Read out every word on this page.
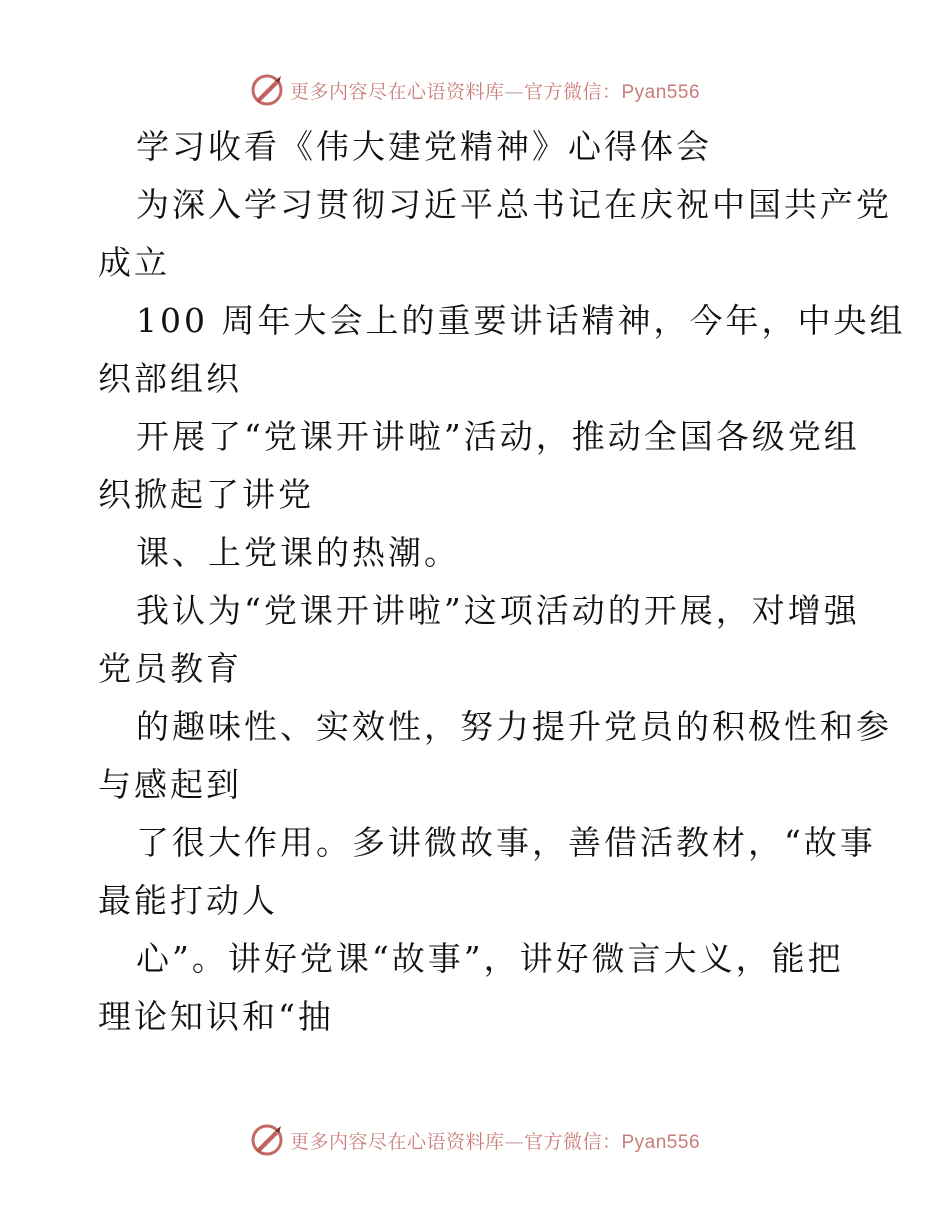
更多内容尽在心语资料库—官方微信：Pyan556
学习收看《伟大建党精神》心得体会
为深入学习贯彻习近平总书记在庆祝中国共产党
成立
100 周年大会上的重要讲话精神，今年，中央组
织部组织
开展了“党课开讲啦”活动，推动全国各级党组
织掀起了讲党
课、上党课的热潮。
我认为“党课开讲啦”这项活动的开展，对增强
党员教育
的趣味性、实效性，努力提升党员的积极性和参
与感起到
了很大作用。多讲微故事，善借活教材，“故事
最能打动人
心”。讲好党课“故事”，讲好微言大义，能把
理论知识和“抽
更多内容尽在心语资料库—官方微信：Pyan556
